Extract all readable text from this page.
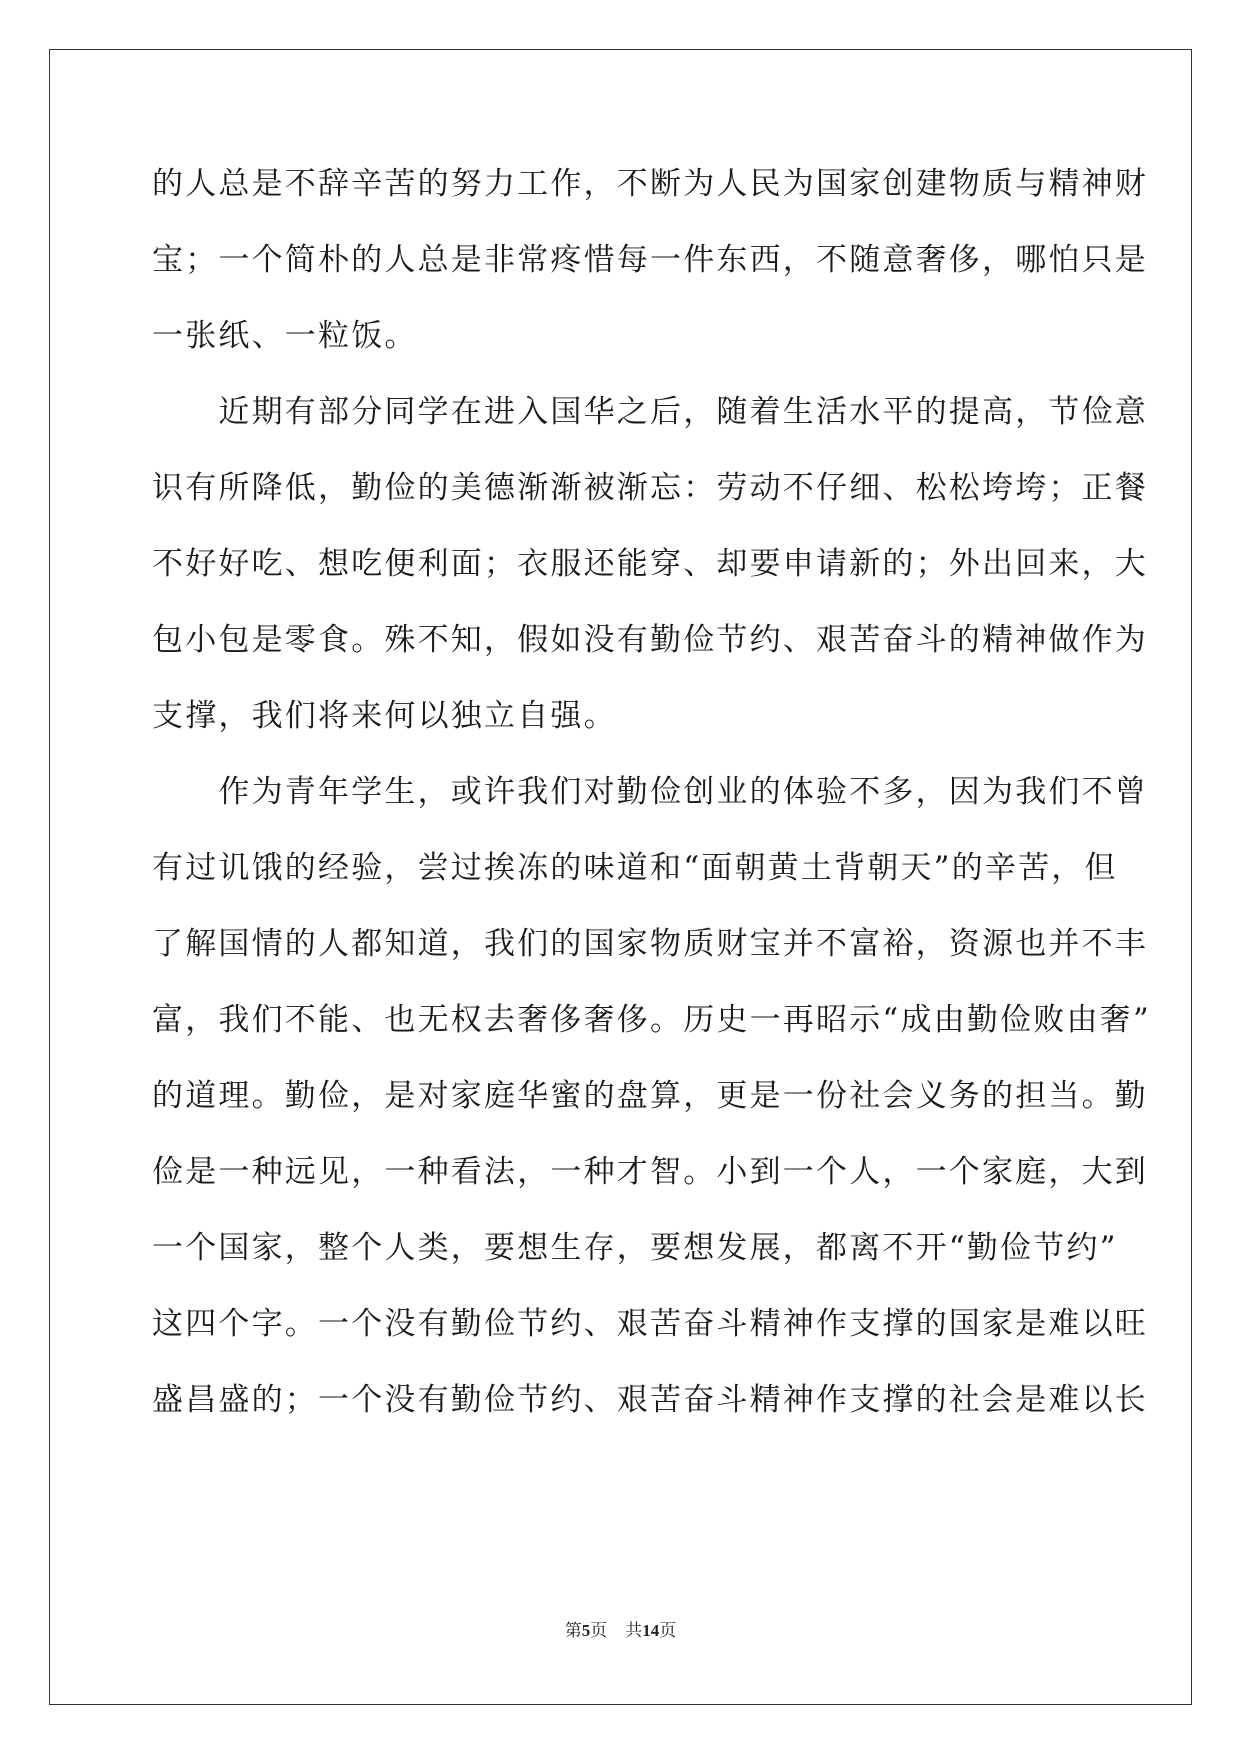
的人总是不辞辛苦的努力工作，不断为人民为国家创建物质与精神财
宝；一个简朴的人总是非常疼惜每一件东西，不随意奢侈，哪怕只是
一张纸、一粒饭。
　　近期有部分同学在进入国华之后，随着生活水平的提高，节俭意
识有所降低，勤俭的美德渐渐被渐忘：劳动不仔细、松松垮垮；正餐
不好好吃、想吃便利面；衣服还能穿、却要申请新的；外出回来，大
包小包是零食。殊不知，假如没有勤俭节约、艰苦奋斗的精神做作为
支撑，我们将来何以独立自强。
　　作为青年学生，或许我们对勤俭创业的体验不多，因为我们不曾
有过讥饿的经验，尝过挨冻的味道和“面朝黄土背朝天”的辛苦，但
了解国情的人都知道，我们的国家物质财宝并不富裕，资源也并不丰
富，我们不能、也无权去奢侈奢侈。历史一再昭示“成由勤俭败由奢”
的道理。勤俭，是对家庭华蜜的盘算，更是一份社会义务的担当。勤
俭是一种远见，一种看法，一种才智。小到一个人，一个家庭，大到
一个国家，整个人类，要想生存，要想发展，都离不开“勤俭节约”
这四个字。一个没有勤俭节约、艰苦奋斗精神作支撑的国家是难以旺
盛昌盛的；一个没有勤俭节约、艰苦奋斗精神作支撑的社会是难以长
第5页 共14页
